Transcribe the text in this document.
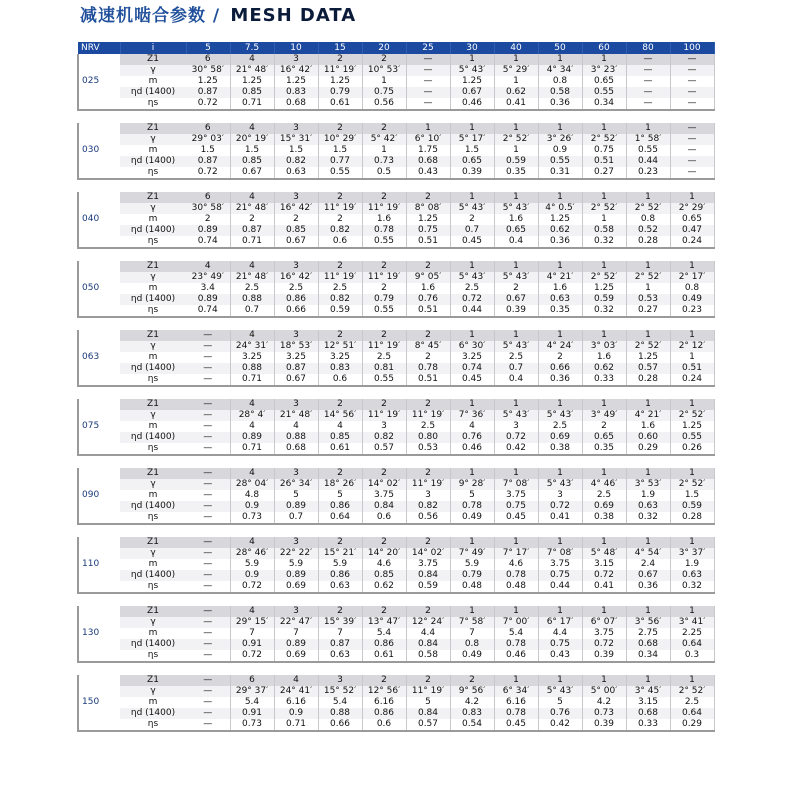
减速机啮合参数 / MESH DATA
NRV	i	5	7.5	10	15	20	25	30	40	50	60	80	100
025	Z1	6	4	3	2	2	—	1	1	1	1	—	—
	γ	30° 58′	21° 48′	16° 42′	11° 19′	10° 53′	—	5° 43′	5° 29′	4° 34′	3° 23′	—	—
	m	1.25	1.25	1.25	1.25	1	—	1.25	1	0.8	0.65	—	—
	ηd (1400)	0.87	0.85	0.83	0.79	0.75	—	0.67	0.62	0.58	0.55	—	—
	ηs	0.72	0.71	0.68	0.61	0.56	—	0.46	0.41	0.36	0.34	—	—

030	Z1	6	4	3	2	2	1	1	1	1	1	1	—
	γ	29° 03′	20° 19′	15° 31′	10° 29′	5° 42′	6° 10′	5° 17′	2° 52′	3° 26′	2° 52′	1° 58′	—
	m	1.5	1.5	1.5	1.5	1	1.75	1.5	1	0.9	0.75	0.55	—
	ηd (1400)	0.87	0.85	0.82	0.77	0.73	0.68	0.65	0.59	0.55	0.51	0.44	—
	ηs	0.72	0.67	0.63	0.55	0.5	0.43	0.39	0.35	0.31	0.27	0.23	—

040	Z1	6	4	3	2	2	2	1	1	1	1	1	1
	γ	30° 58′	21° 48′	16° 42′	11° 19′	11° 19′	8° 08′	5° 43′	5° 43′	4° 0.5′	2° 52′	2° 52′	2° 29′
	m	2	2	2	2	1.6	1.25	2	1.6	1.25	1	0.8	0.65
	ηd (1400)	0.89	0.87	0.85	0.82	0.78	0.75	0.7	0.65	0.62	0.58	0.52	0.47
	ηs	0.74	0.71	0.67	0.6	0.55	0.51	0.45	0.4	0.36	0.32	0.28	0.24

050	Z1	4	4	3	2	2	2	1	1	1	1	1	1
	γ	23° 49′	21° 48′	16° 42′	11° 19′	11° 19′	9° 05′	5° 43′	5° 43′	4° 21′	2° 52′	2° 52′	2° 17′
	m	3.4	2.5	2.5	2.5	2	1.6	2.5	2	1.6	1.25	1	0.8
	ηd (1400)	0.89	0.88	0.86	0.82	0.79	0.76	0.72	0.67	0.63	0.59	0.53	0.49
	ηs	0.74	0.7	0.66	0.59	0.55	0.51	0.44	0.39	0.35	0.32	0.27	0.23

063	Z1	—	4	3	2	2	2	1	1	1	1	1	1
	γ	—	24° 31′	18° 53′	12° 51′	11° 19′	8° 45′	6° 30′	5° 43′	4° 24′	3° 03′	2° 52′	2° 12′
	m	—	3.25	3.25	3.25	2.5	2	3.25	2.5	2	1.6	1.25	1
	ηd (1400)	—	0.88	0.87	0.83	0.81	0.78	0.74	0.7	0.66	0.62	0.57	0.51
	ηs	—	0.71	0.67	0.6	0.55	0.51	0.45	0.4	0.36	0.33	0.28	0.24

075	Z1	—	4	3	2	2	2	1	1	1	1	1	1
	γ	—	28° 4′	21° 48′	14° 56′	11° 19′	11° 19′	7° 36′	5° 43′	5° 43′	3° 49′	4° 21′	2° 52′
	m	—	4	4	4	3	2.5	4	3	2.5	2	1.6	1.25
	ηd (1400)	—	0.89	0.88	0.85	0.82	0.80	0.76	0.72	0.69	0.65	0.60	0.55
	ηs	—	0.71	0.68	0.61	0.57	0.53	0.46	0.42	0.38	0.35	0.29	0.26

090	Z1	—	4	3	2	2	2	1	1	1	1	1	1
	γ	—	28° 04′	26° 34′	18° 26′	14° 02′	11° 19′	9° 28′	7° 08′	5° 43′	4° 46′	3° 53′	2° 52′
	m	—	4.8	5	5	3.75	3	5	3.75	3	2.5	1.9	1.5
	ηd (1400)	—	0.9	0.89	0.86	0.84	0.82	0.78	0.75	0.72	0.69	0.63	0.59
	ηs	—	0.73	0.7	0.64	0.6	0.56	0.49	0.45	0.41	0.38	0.32	0.28

110	Z1	—	4	3	2	2	2	1	1	1	1	1	1
	γ	—	28° 46′	22° 22′	15° 21′	14° 20′	14° 02′	7° 49′	7° 17′	7° 08′	5° 48′	4° 54′	3° 37′
	m	—	5.9	5.9	5.9	4.6	3.75	5.9	4.6	3.75	3.15	2.4	1.9
	ηd (1400)	—	0.9	0.89	0.86	0.85	0.84	0.79	0.78	0.75	0.72	0.67	0.63
	ηs	—	0.72	0.69	0.63	0.62	0.59	0.48	0.48	0.44	0.41	0.36	0.32

130	Z1	—	4	3	2	2	2	1	1	1	1	1	1
	γ	—	29° 15′	22° 47′	15° 39′	13° 47′	12° 24′	7° 58′	7° 00′	6° 17′	6° 07′	3° 56′	3° 41′
	m	—	7	7	7	5.4	4.4	7	5.4	4.4	3.75	2.75	2.25
	ηd (1400)	—	0.91	0.89	0.87	0.86	0.84	0.8	0.78	0.75	0.72	0.68	0.64
	ηs	—	0.72	0.69	0.63	0.61	0.58	0.49	0.46	0.43	0.39	0.34	0.3

150	Z1	—	6	4	3	2	2	2	1	1	1	1	1
	γ	—	29° 37′	24° 41′	15° 52′	12° 56′	11° 19′	9° 56′	6° 34′	5° 43′	5° 00′	3° 45′	2° 52′
	m	—	5.4	6.16	5.4	6.16	5	4.2	6.16	5	4.2	3.15	2.5
	ηd (1400)	—	0.91	0.9	0.88	0.86	0.84	0.83	0.78	0.76	0.73	0.68	0.64
	ηs	—	0.73	0.71	0.66	0.6	0.57	0.54	0.45	0.42	0.39	0.33	0.29
